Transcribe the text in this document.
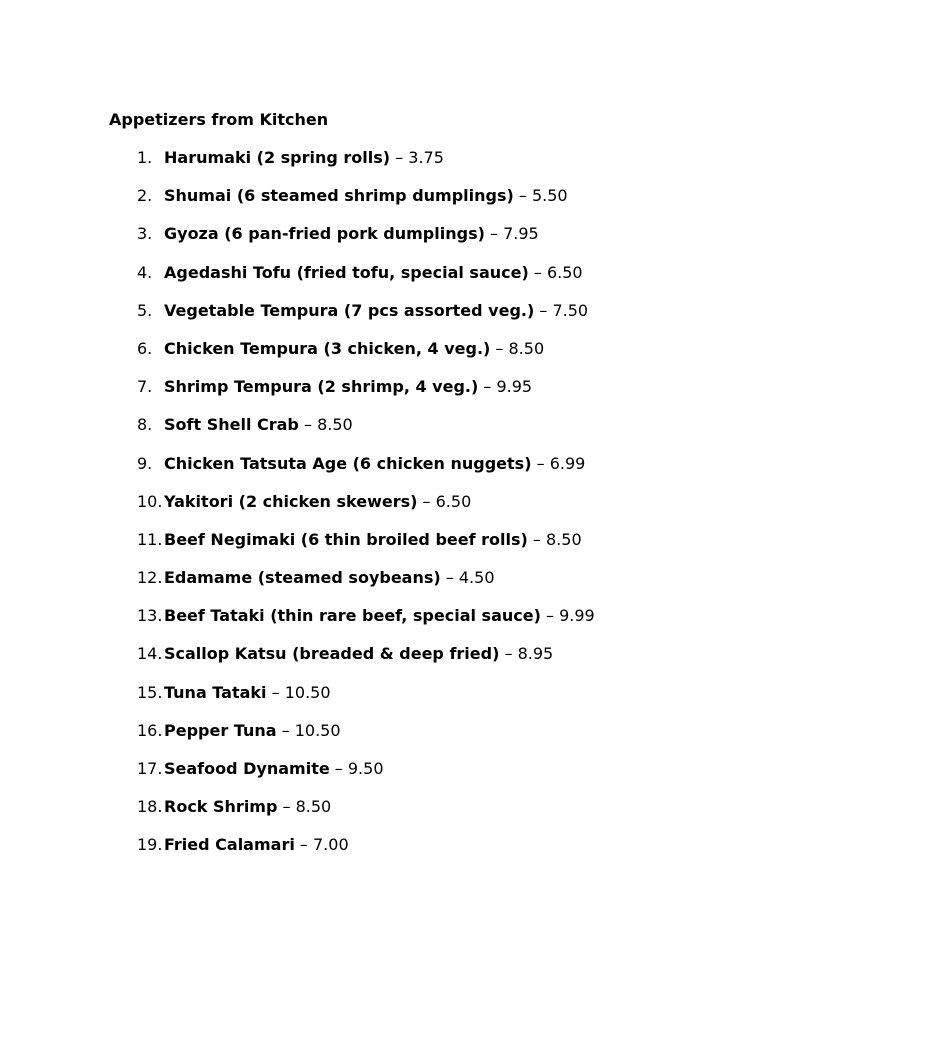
Appetizers from Kitchen
1. Harumaki (2 spring rolls) – 3.75
2. Shumai (6 steamed shrimp dumplings) – 5.50
3. Gyoza (6 pan-fried pork dumplings) – 7.95
4. Agedashi Tofu (fried tofu, special sauce) – 6.50
5. Vegetable Tempura (7 pcs assorted veg.) – 7.50
6. Chicken Tempura (3 chicken, 4 veg.) – 8.50
7. Shrimp Tempura (2 shrimp, 4 veg.) – 9.95
8. Soft Shell Crab – 8.50
9. Chicken Tatsuta Age (6 chicken nuggets) – 6.99
10. Yakitori (2 chicken skewers) – 6.50
11. Beef Negimaki (6 thin broiled beef rolls) – 8.50
12. Edamame (steamed soybeans) – 4.50
13. Beef Tataki (thin rare beef, special sauce) – 9.99
14. Scallop Katsu (breaded & deep fried) – 8.95
15. Tuna Tataki – 10.50
16. Pepper Tuna – 10.50
17. Seafood Dynamite – 9.50
18. Rock Shrimp – 8.50
19. Fried Calamari – 7.00
